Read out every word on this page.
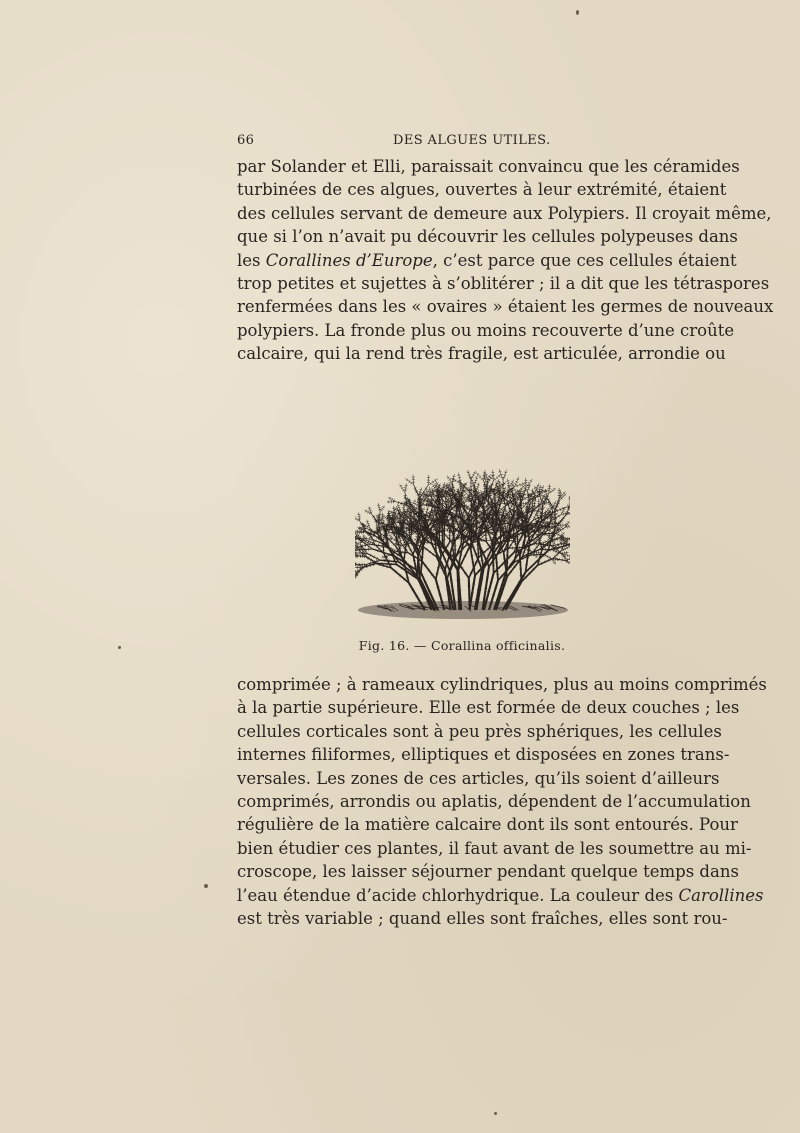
66	DES ALGUES UTILES.
par Solander et Elli, paraissait convaincu que les céramides
turbinées de ces algues, ouvertes à leur extrémité, étaient
des cellules servant de demeure aux Polypiers. Il croyait même,
que si l’on n’avait pu découvrir les cellules polypeuses dans
les Corallines d’Europe, c’est parce que ces cellules étaient
trop petites et sujettes à s’oblitérer ; il a dit que les tétraspores
renfermées dans les « ovaires » étaient les germes de nouveaux
polypiers. La fronde plus ou moins recouverte d’une croûte
calcaire, qui la rend très fragile, est articulée, arrondie ou
Fig. 16. — Corallina officinalis.
comprimée ; à rameaux cylindriques, plus au moins comprimés
à la partie supérieure. Elle est formée de deux couches ; les
cellules corticales sont à peu près sphériques, les cellules
internes filiformes, elliptiques et disposées en zones trans-
versales. Les zones de ces articles, qu’ils soient d’ailleurs
comprimés, arrondis ou aplatis, dépendent de l’accumulation
régulière de la matière calcaire dont ils sont entourés. Pour
bien étudier ces plantes, il faut avant de les soumettre au mi-
croscope, les laisser séjourner pendant quelque temps dans
l’eau étendue d’acide chlorhydrique. La couleur des Carollines
est très variable ; quand elles sont fraîches, elles sont rou-
